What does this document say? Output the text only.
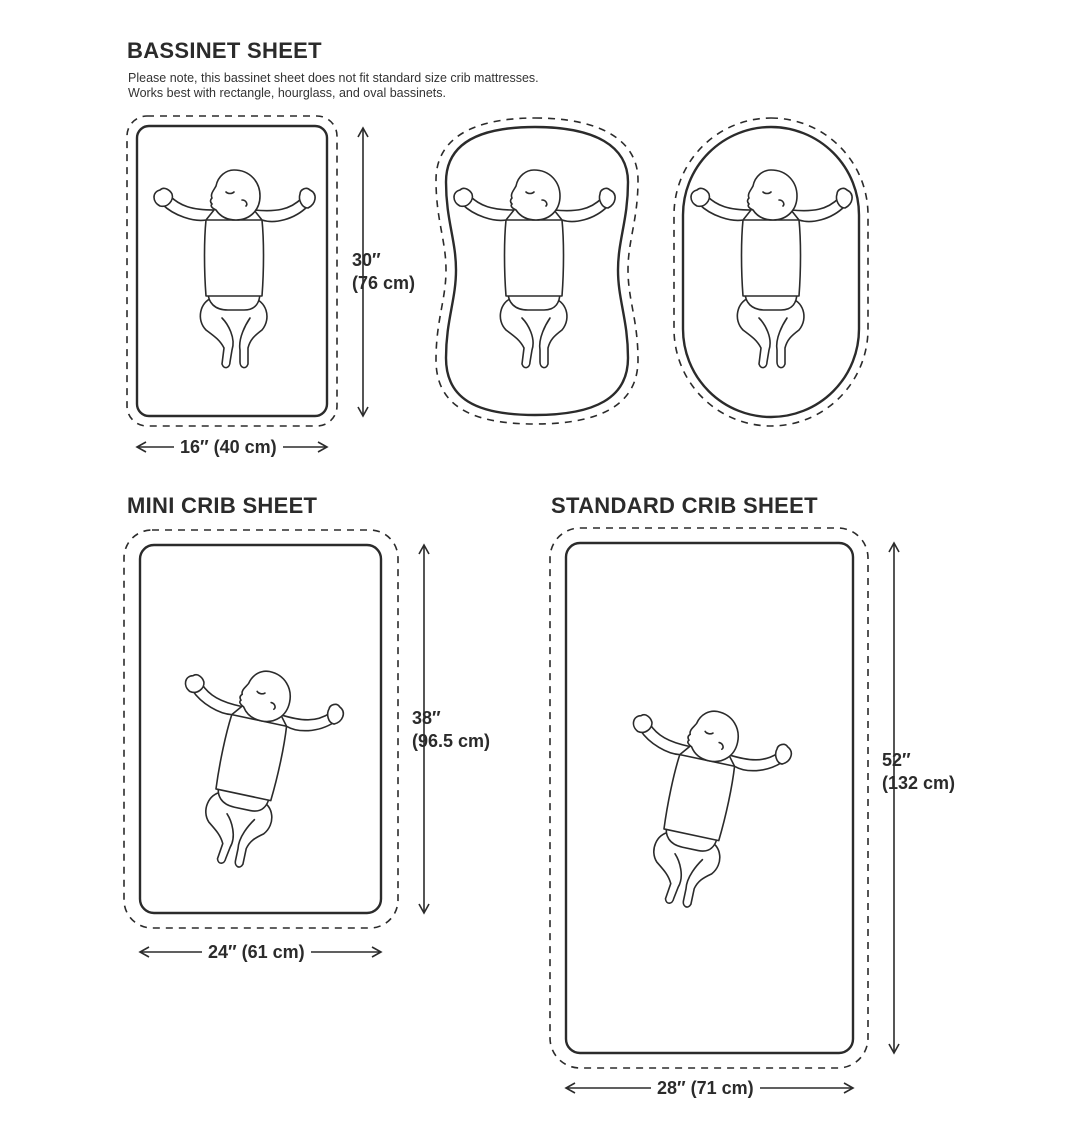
BASSINET SHEET

Please note, this bassinet sheet does not fit standard size crib mattresses.
Works best with rectangle, hourglass, and oval bassinets.

30″
(76 cm)
16″ (40 cm)
MINI CRIB SHEET
38″
(96.5 cm)
24″ (61 cm)
STANDARD CRIB SHEET
52″
(132 cm)
28″ (71 cm)
